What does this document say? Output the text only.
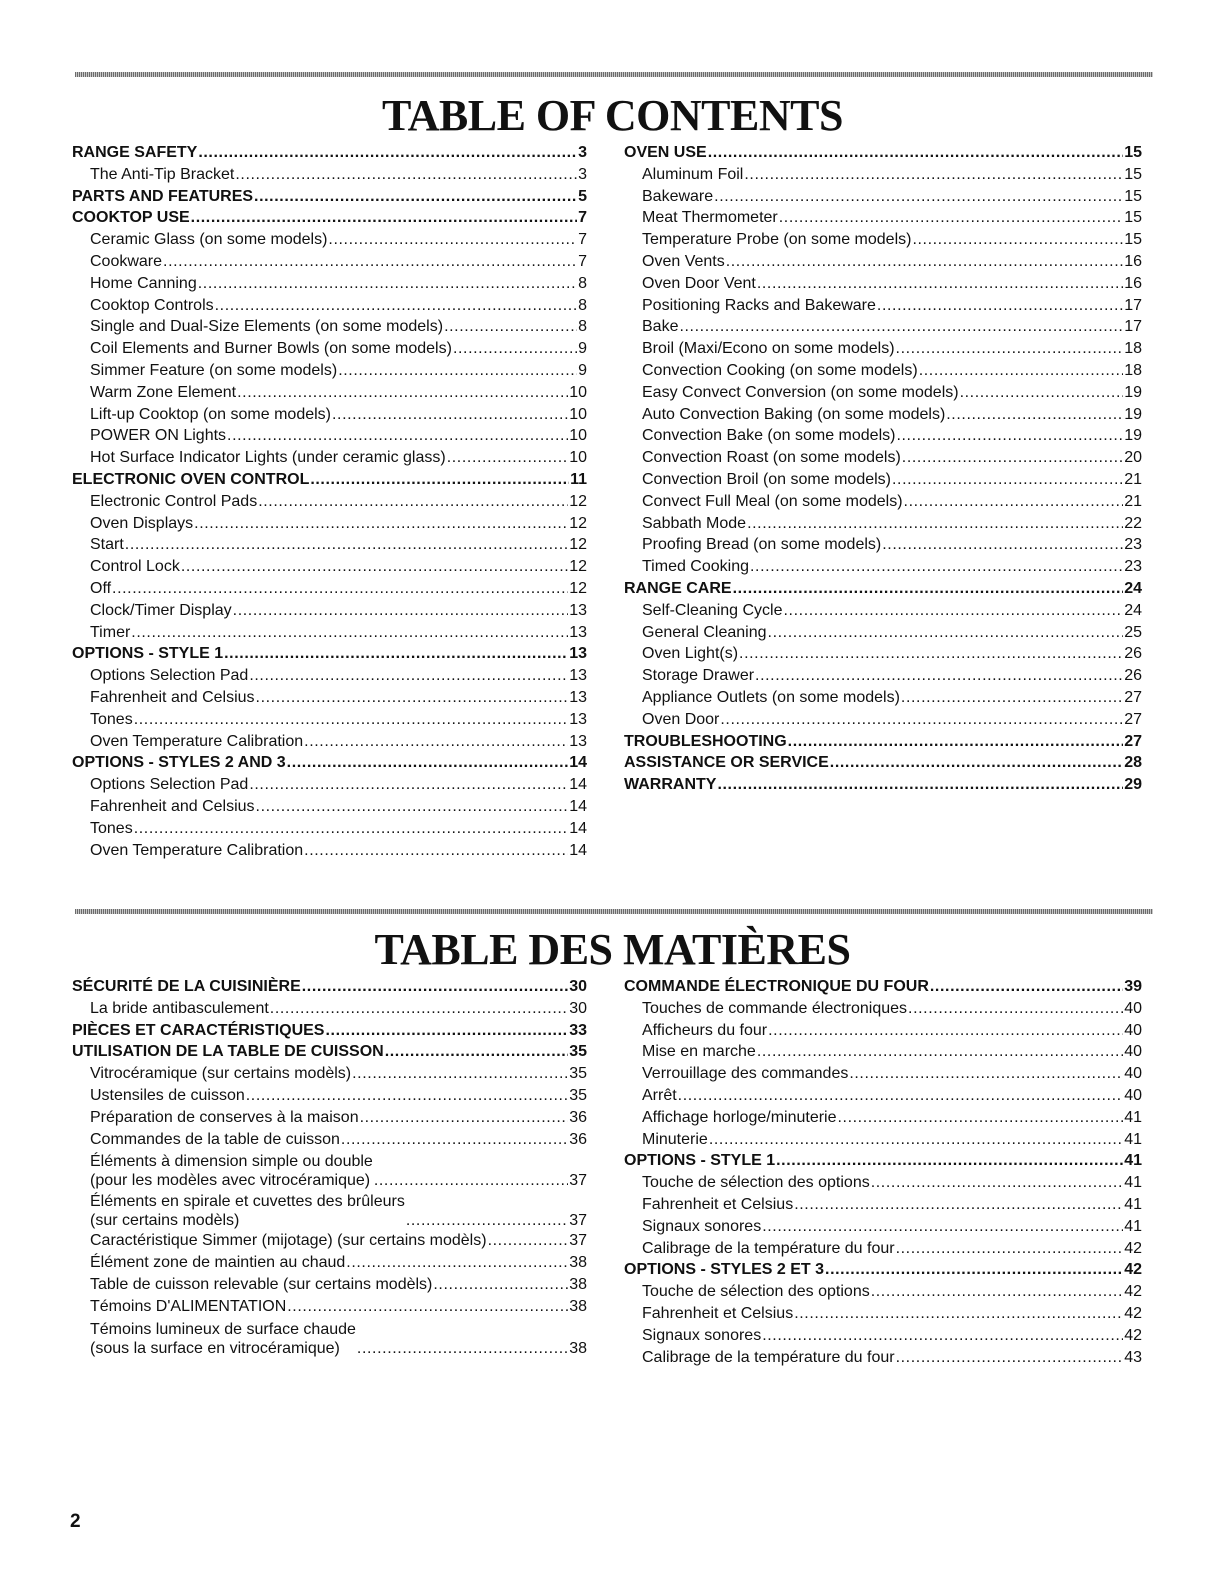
TABLE OF CONTENTS
RANGE SAFETY .....	3
The Anti-Tip Bracket .....	3
PARTS AND FEATURES .....	5
COOKTOP USE .....	7
Ceramic Glass (on some models) .....	7
Cookware .....	7
Home Canning .....	8
Cooktop Controls .....	8
Single and Dual-Size Elements (on some models) .....	8
Coil Elements and Burner Bowls (on some models) .....	9
Simmer Feature (on some models) .....	9
Warm Zone Element .....	10
Lift-up Cooktop (on some models) .....	10
POWER ON Lights .....	10
Hot Surface Indicator Lights (under ceramic glass) .....	10
ELECTRONIC OVEN CONTROL .....	11
Electronic Control Pads .....	12
Oven Displays .....	12
Start .....	12
Control Lock .....	12
Off .....	12
Clock/Timer Display .....	13
Timer .....	13
OPTIONS - STYLE 1 .....	13
Options Selection Pad .....	13
Fahrenheit and Celsius .....	13
Tones .....	13
Oven Temperature Calibration .....	13
OPTIONS - STYLES 2 AND 3 .....	14
Options Selection Pad .....	14
Fahrenheit and Celsius .....	14
Tones .....	14
Oven Temperature Calibration .....	14
OVEN USE .....	15
Aluminum Foil .....	15
Bakeware .....	15
Meat Thermometer .....	15
Temperature Probe (on some models) .....	15
Oven Vents .....	16
Oven Door Vent .....	16
Positioning Racks and Bakeware .....	17
Bake .....	17
Broil (Maxi/Econo on some models) .....	18
Convection Cooking (on some models) .....	18
Easy Convect Conversion (on some models) .....	19
Auto Convection Baking (on some models) .....	19
Convection Bake (on some models) .....	19
Convection Roast (on some models) .....	20
Convection Broil (on some models) .....	21
Convect Full Meal (on some models) .....	21
Sabbath Mode .....	22
Proofing Bread (on some models) .....	23
Timed Cooking .....	23
RANGE CARE .....	24
Self-Cleaning Cycle .....	24
General Cleaning .....	25
Oven Light(s) .....	26
Storage Drawer .....	26
Appliance Outlets (on some models) .....	27
Oven Door .....	27
TROUBLESHOOTING .....	27
ASSISTANCE OR SERVICE .....	28
WARRANTY .....	29
TABLE DES MATIÈRES
SÉCURITÉ DE LA CUISINIÈRE .....	30
La bride antibasculement .....	30
PIÈCES ET CARACTÉRISTIQUES .....	33
UTILISATION DE LA TABLE DE CUISSON .....	35
Vitrocéramique (sur certains modèls) .....	35
Ustensiles de cuisson .....	35
Préparation de conserves à la maison .....	36
Commandes de la table de cuisson .....	36
Éléments à dimension simple ou double
(pour les modèles avec vitrocéramique) .....	37
Éléments en spirale et cuvettes des brûleurs
(sur certains modèls) .....	37
Caractéristique Simmer (mijotage) (sur certains modèls) .....	37
Élément zone de maintien au chaud .....	38
Table de cuisson relevable (sur certains modèls) .....	38
Témoins D'ALIMENTATION .....	38
Témoins lumineux de surface chaude
(sous la surface en vitrocéramique) .....	38
COMMANDE ÉLECTRONIQUE DU FOUR .....	39
Touches de commande électroniques .....	40
Afficheurs du four .....	40
Mise en marche .....	40
Verrouillage des commandes .....	40
Arrêt .....	40
Affichage horloge/minuterie .....	41
Minuterie .....	41
OPTIONS - STYLE 1 .....	41
Touche de sélection des options .....	41
Fahrenheit et Celsius .....	41
Signaux sonores .....	41
Calibrage de la température du four .....	42
OPTIONS - STYLES 2 ET 3 .....	42
Touche de sélection des options .....	42
Fahrenheit et Celsius .....	42
Signaux sonores .....	42
Calibrage de la température du four .....	43
2
